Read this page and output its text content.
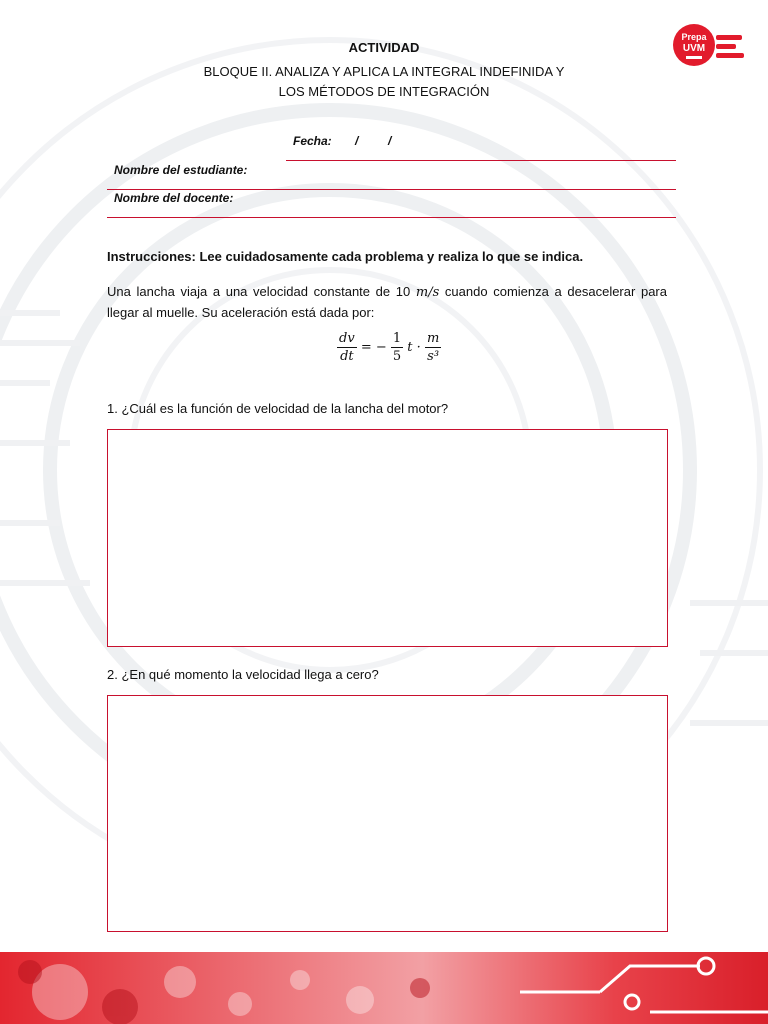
ACTIVIDAD
BLOQUE II. ANALIZA Y APLICA LA INTEGRAL INDEFINIDA Y
LOS MÉTODOS DE INTEGRACIÓN
Prepa
UVM
Fecha: / /
Nombre del estudiante:
Nombre del docente:
Instrucciones: Lee cuidadosamente cada problema y realiza lo que se indica.
Una lancha viaja a una velocidad constante de 10 m/s cuando comienza a desacelerar para llegar al muelle. Su aceleración está dada por:
$\frac{dv}{dt}$ = − $\frac{1}{5}$ $t \cdot \frac{m}{\text{s³}}$
1. ¿Cuál es la función de velocidad de la lancha del motor?
2. ¿En qué momento la velocidad llega a cero?
